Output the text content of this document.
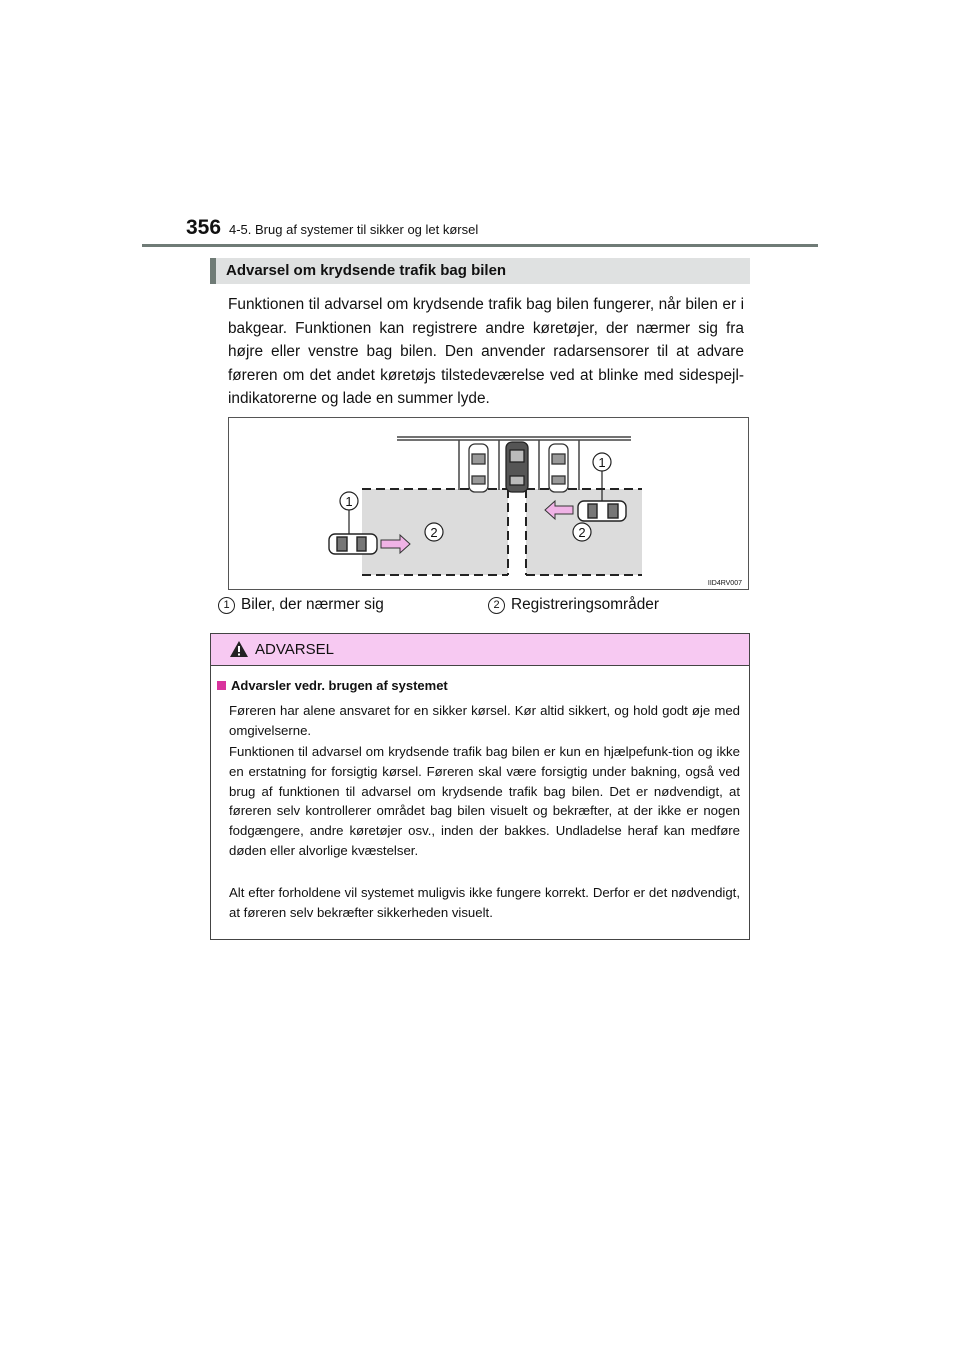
356 4-5. Brug af systemer til sikker og let kørsel
Advarsel om krydsende trafik bag bilen
Funktionen til advarsel om krydsende trafik bag bilen fungerer, når bilen er i bakgear. Funktionen kan registrere andre køretøjer, der nærmer sig fra højre eller venstre bag bilen. Den anvender radarsensorer til at advare føreren om det andet køretøjs tilstedeværelse ved at blinke med sidespejl-indikatorerne og lade en summer lyde.
1
1
2	2
IID4RV007
1 Biler, der nærmer sig	2 Registreringsområder
ADVARSEL
Advarsler vedr. brugen af systemet
Føreren har alene ansvaret for en sikker kørsel. Kør altid sikkert, og hold godt øje med omgivelserne.
Funktionen til advarsel om krydsende trafik bag bilen er kun en hjælpefunk-tion og ikke en erstatning for forsigtig kørsel. Føreren skal være forsigtig under bakning, også ved brug af funktionen til advarsel om krydsende trafik bag bilen. Det er nødvendigt, at føreren selv kontrollerer området bag bilen visuelt og bekræfter, at der ikke er nogen fodgængere, andre køretøjer osv., inden der bakkes. Undladelse heraf kan medføre døden eller alvorlige kvæstelser.
Alt efter forholdene vil systemet muligvis ikke fungere korrekt. Derfor er det nødvendigt, at føreren selv bekræfter sikkerheden visuelt.
